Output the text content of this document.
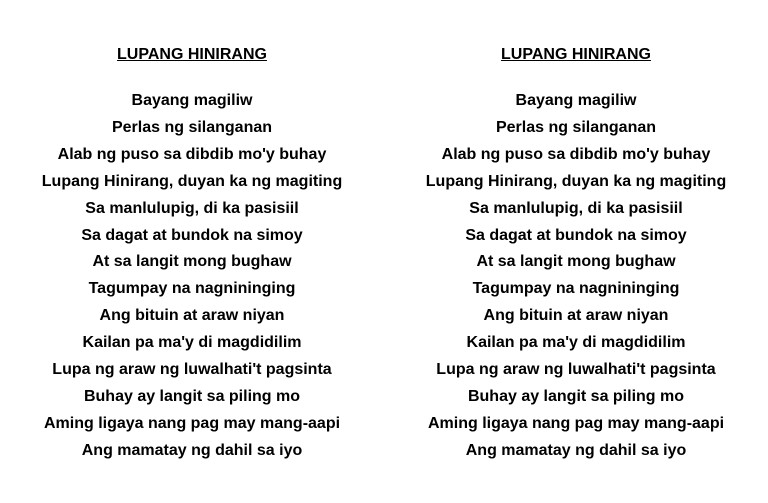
LUPANG HINIRANG
Bayang magiliw
Perlas ng silanganan
Alab ng puso sa dibdib mo'y buhay
Lupang Hinirang, duyan ka ng magiting
Sa manlulupig, di ka pasisiil
Sa dagat at bundok na simoy
At sa langit mong bughaw
Tagumpay na nagnininging
Ang bituin at araw niyan
Kailan pa ma'y di magdidilim
Lupa ng araw ng luwalhati't pagsinta
Buhay ay langit sa piling mo
Aming ligaya nang pag may mang-aapi
Ang mamatay ng dahil sa iyo
LUPANG HINIRANG
Bayang magiliw
Perlas ng silanganan
Alab ng puso sa dibdib mo'y buhay
Lupang Hinirang, duyan ka ng magiting
Sa manlulupig, di ka pasisiil
Sa dagat at bundok na simoy
At sa langit mong bughaw
Tagumpay na nagnininging
Ang bituin at araw niyan
Kailan pa ma'y di magdidilim
Lupa ng araw ng luwalhati't pagsinta
Buhay ay langit sa piling mo
Aming ligaya nang pag may mang-aapi
Ang mamatay ng dahil sa iyo
